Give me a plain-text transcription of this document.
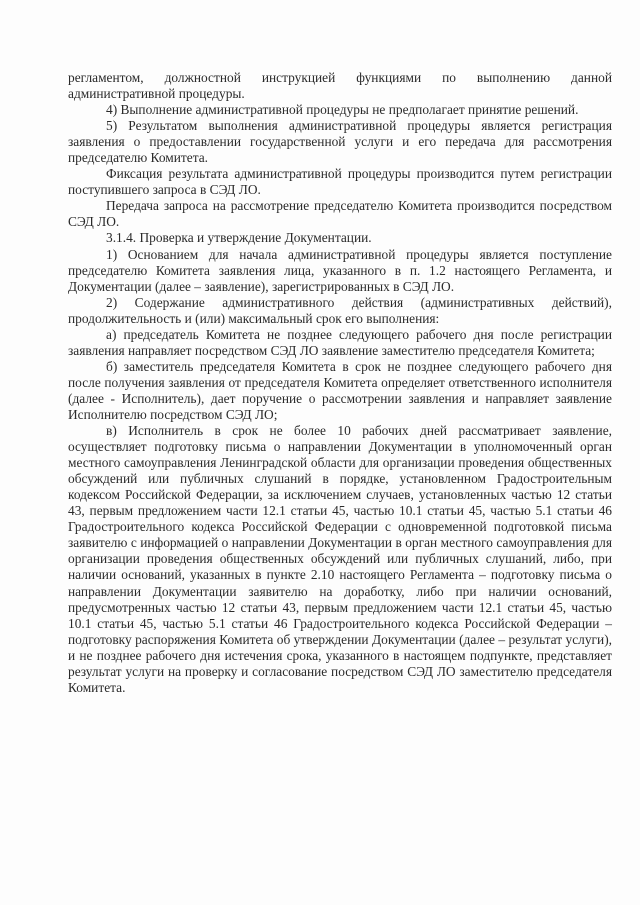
регламентом, должностной инструкцией функциями по выполнению данной административной процедуры.

4) Выполнение административной процедуры не предполагает принятие решений.

5) Результатом выполнения административной процедуры является регистрация заявления о предоставлении государственной услуги и его передача для рассмотрения председателю Комитета.

Фиксация результата административной процедуры производится путем регистрации поступившего запроса в СЭД ЛО.

Передача запроса на рассмотрение председателю Комитета производится посредством СЭД ЛО.

3.1.4. Проверка и утверждение Документации.

1) Основанием для начала административной процедуры является поступление председателю Комитета заявления лица, указанного в п. 1.2 настоящего Регламента, и Документации (далее – заявление), зарегистрированных в СЭД ЛО.

2) Содержание административного действия (административных действий), продолжительность и (или) максимальный срок его выполнения:

а) председатель Комитета не позднее следующего рабочего дня после регистрации заявления направляет посредством СЭД ЛО заявление заместителю председателя Комитета;

б) заместитель председателя Комитета в срок не позднее следующего рабочего дня после получения заявления от председателя Комитета определяет ответственного исполнителя (далее - Исполнитель), дает поручение о рассмотрении заявления и направляет заявление Исполнителю посредством СЭД ЛО;

в) Исполнитель в срок не более 10 рабочих дней рассматривает заявление, осуществляет подготовку письма о направлении Документации в уполномоченный орган местного самоуправления Ленинградской области для организации проведения общественных обсуждений или публичных слушаний в порядке, установленном Градостроительным кодексом Российской Федерации, за исключением случаев, установленных частью 12 статьи 43, первым предложением части 12.1 статьи 45, частью 10.1 статьи 45, частью 5.1 статьи 46 Градостроительного кодекса Российской Федерации с одновременной подготовкой письма заявителю с информацией о направлении Документации в орган местного самоуправления для организации проведения общественных обсуждений или публичных слушаний, либо, при наличии оснований, указанных в пункте 2.10 настоящего Регламента – подготовку письма о направлении Документации заявителю на доработку, либо при наличии оснований, предусмотренных частью 12 статьи 43, первым предложением части 12.1 статьи 45, частью 10.1 статьи 45, частью 5.1 статьи 46 Градостроительного кодекса Российской Федерации – подготовку распоряжения Комитета об утверждении Документации (далее – результат услуги), и не позднее рабочего дня истечения срока, указанного в настоящем подпункте, представляет результат услуги на проверку и согласование посредством СЭД ЛО заместителю председателя Комитета.
